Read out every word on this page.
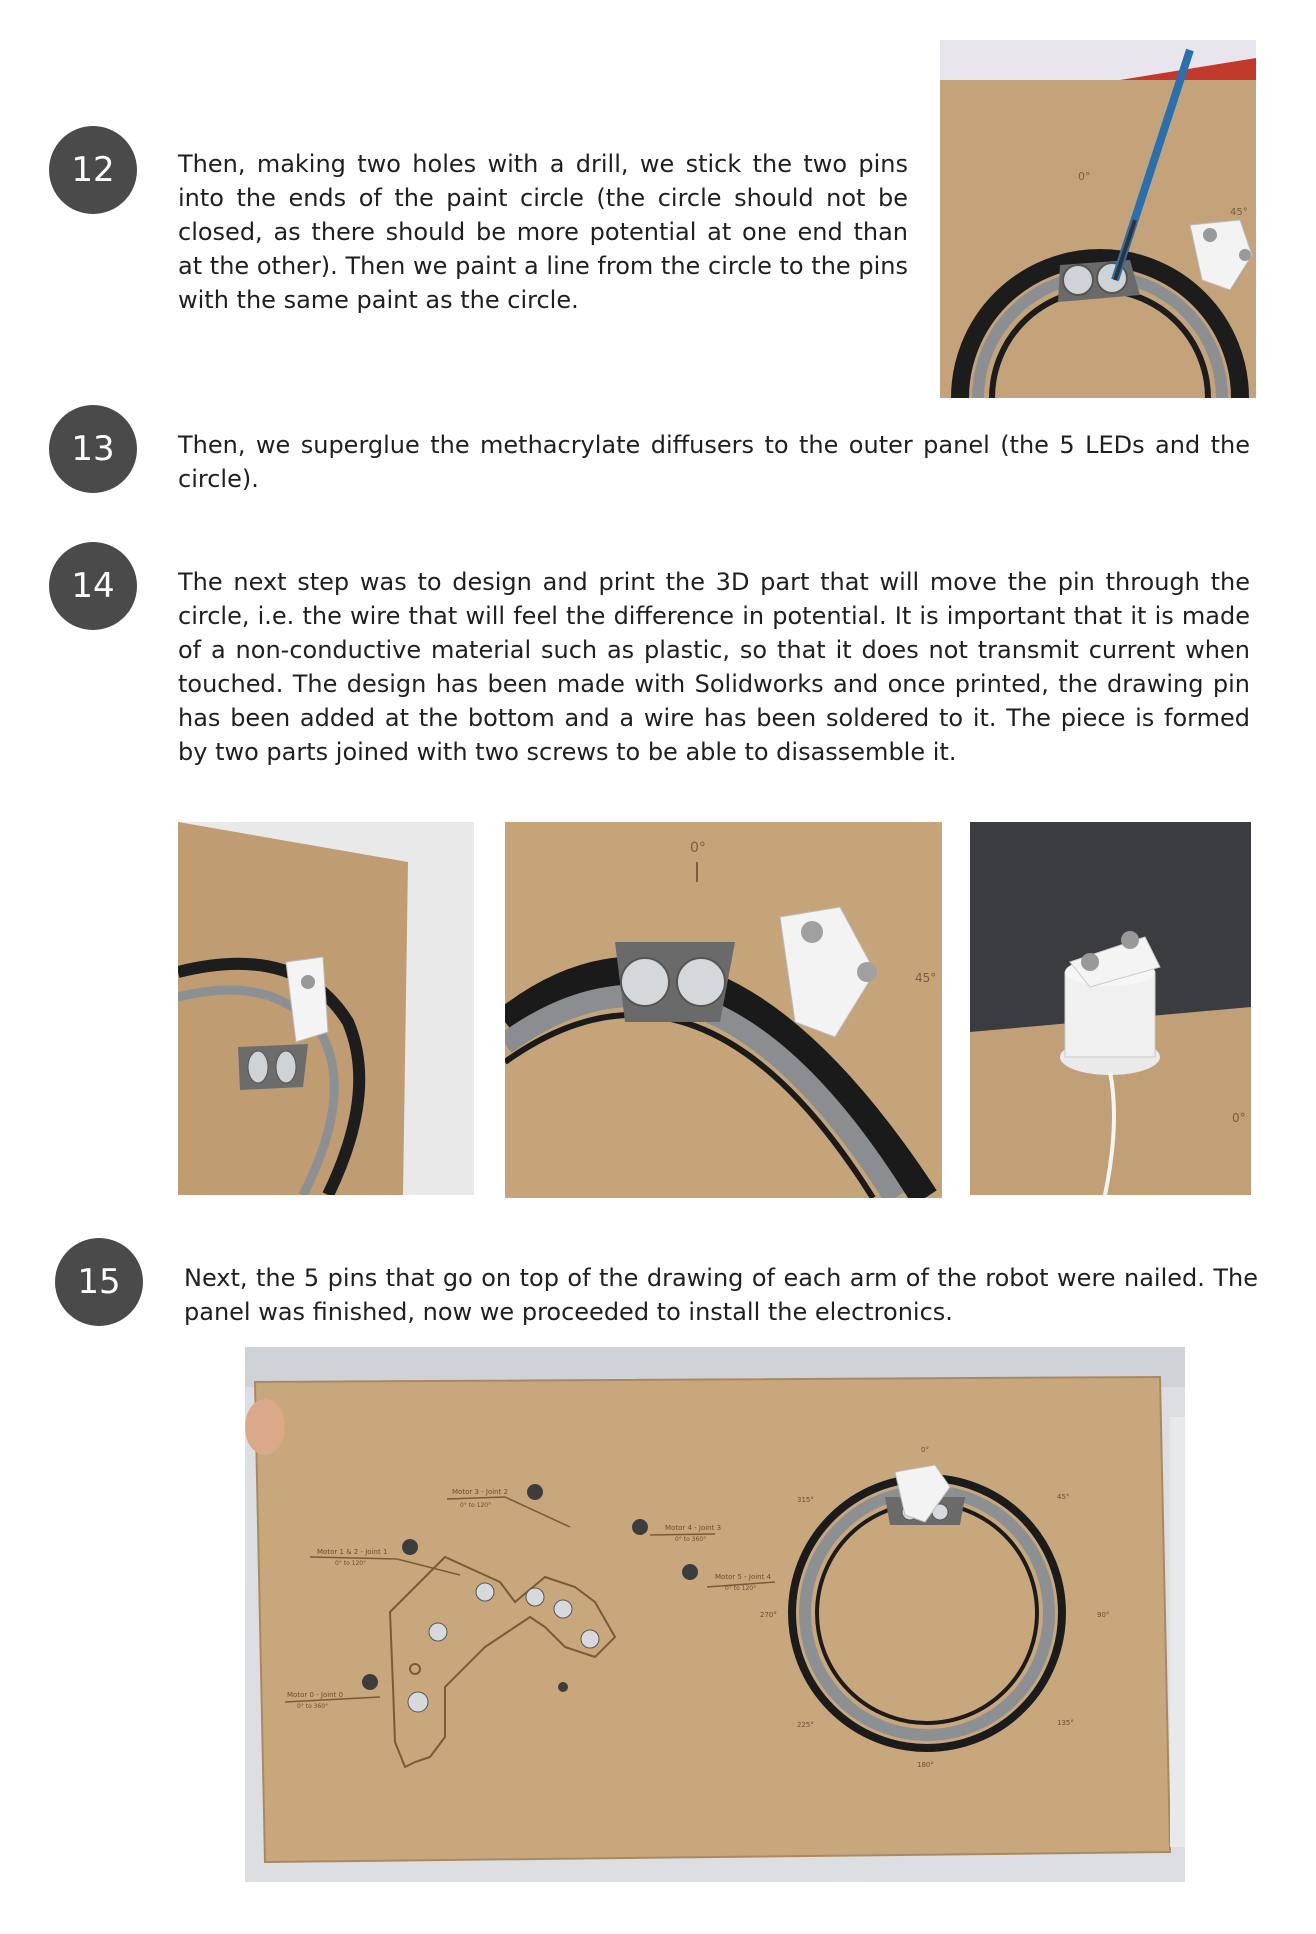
12	Then, making two holes with a drill, we stick the two pins into the ends of the paint circle (the circle should not be closed, as there should be more potential at one end than at the other). Then we paint a line from the circle to the pins with the same paint as the circle.

0°
45°
13	Then, we superglue the methacrylate diffusers to the outer panel (the 5 LEDs and the circle).

14	The next step was to design and print the 3D part that will move the pin through the circle, i.e. the wire that will feel the difference in potential. It is important that it is made of a non-conductive material such as plastic, so that it does not transmit current when touched. The design has been made with Solidworks and once printed, the drawing pin has been added at the bottom and a wire has been soldered to it. The piece is formed by two parts joined with two screws to be able to disassemble it.

0°
45°
0°
15	Next, the 5 pins that go on top of the drawing of each arm of the robot were nailed. The panel was finished, now we proceeded to install the electronics.

Motor 3 - Joint 2
0° to 120°
Motor 1 & 2 - Joint 1
0° to 120°
Motor 4 - Joint 3
0° to 360°
Motor 5 - Joint 4
0° to 120°
Motor 0 - Joint 0
0° to 360°
0°
45°
90°
135°
180°
225°
270°
315°
